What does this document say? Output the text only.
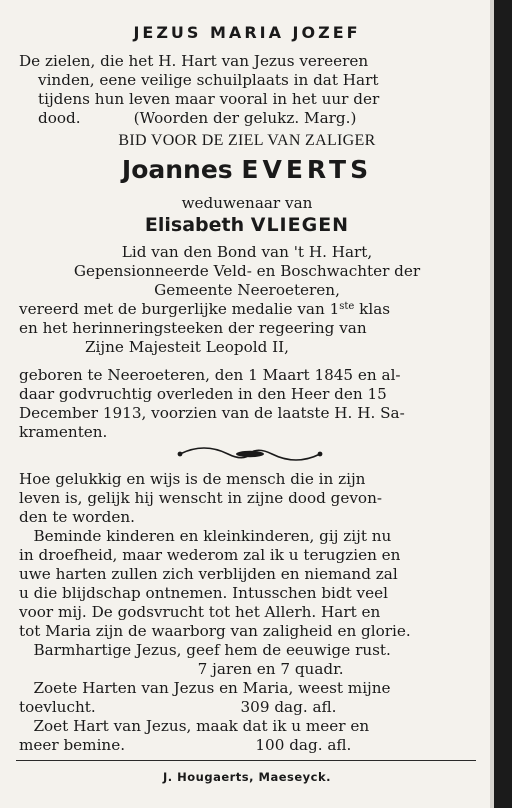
JEZUS MARIA JOZEF
De zielen, die het H. Hart van Jezus vereeren
vinden, eene veilige schuilplaats in dat Hart
tijdens hun leven maar vooral in het uur der
dood.           (Woorden der gelukz. Marg.)
BID VOOR DE ZIEL VAN ZALIGER
Joannes EVERTS
weduwenaar van
Elisabeth VLIEGEN
Lid van den Bond van 't H. Hart,
Gepensionneerde Veld- en Boschwachter der
Gemeente Neeroeteren,
vereerd met de burgerlijke medalie van 1ste klas
en het herinneringsteeken der regeering van
Zijne Majesteit Leopold II,
geboren te Neeroeteren, den 1 Maart 1845 en al-
daar godvruchtig overleden in den Heer den 15
December 1913, voorzien van de laatste H. H. Sa-
kramenten.
Hoe gelukkig en wijs is de mensch die in zijn
leven is, gelijk hij wenscht in zijne dood gevon-
den te worden.
Beminde kinderen en kleinkinderen, gij zijt nu
in droefheid, maar wederom zal ik u terugzien en
uwe harten zullen zich verblijden en niemand zal
u die blijdschap ontnemen. Intusschen bidt veel
voor mij. De godsvrucht tot het Allerh. Hart en
tot Maria zijn de waarborg van zaligheid en glorie.
Barmhartige Jezus, geef hem de eeuwige rust.
7 jaren en 7 quadr.
Zoete Harten van Jezus en Maria, weest mijne
toevlucht.                              309 dag. afl.
Zoet Hart van Jezus, maak dat ik u meer en
meer bemine.                           100 dag. afl.
J. Hougaerts, Maeseyck.
